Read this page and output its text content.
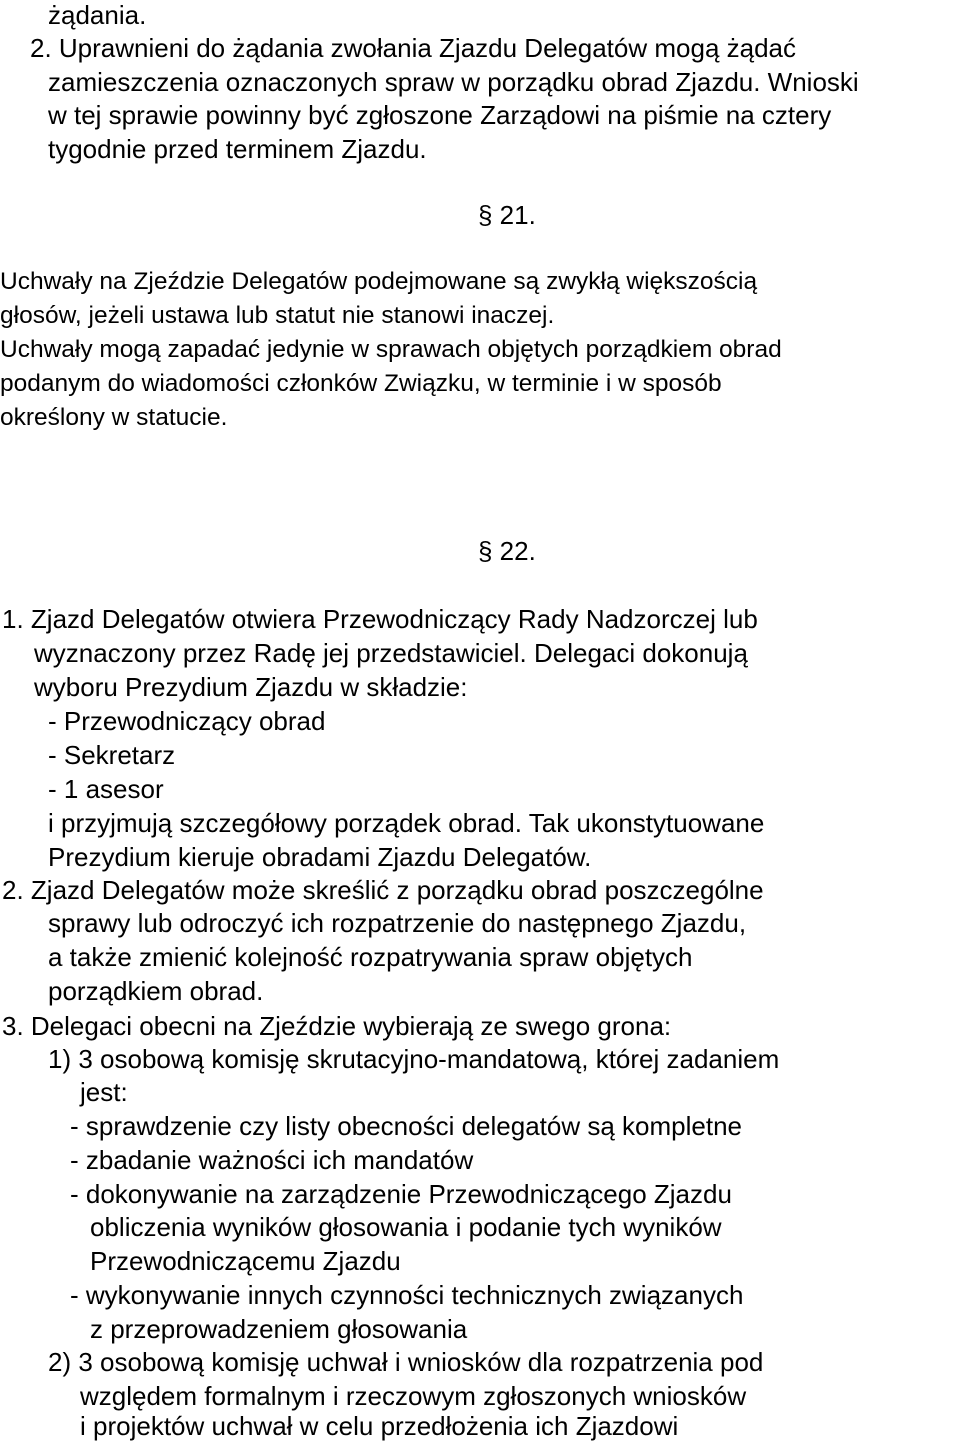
żądania.
2. Uprawnieni do żądania zwołania Zjazdu Delegatów mogą żądać
zamieszczenia oznaczonych spraw w porządku obrad Zjazdu. Wnioski
w tej sprawie powinny być zgłoszone Zarządowi na piśmie na cztery
tygodnie przed terminem Zjazdu.
§ 21.
Uchwały na Zjeździe Delegatów podejmowane są zwykłą większością
głosów, jeżeli ustawa lub statut nie stanowi inaczej.
Uchwały mogą zapadać jedynie w sprawach objętych porządkiem obrad
podanym do wiadomości członków Związku, w terminie i w sposób
określony w statucie.
§ 22.
1. Zjazd Delegatów otwiera Przewodniczący Rady Nadzorczej lub
wyznaczony przez Radę jej przedstawiciel. Delegaci dokonują
wyboru Prezydium Zjazdu w składzie:
- Przewodniczący obrad
- Sekretarz
- 1 asesor
i przyjmują szczegółowy porządek obrad. Tak ukonstytuowane
Prezydium kieruje obradami Zjazdu Delegatów.
2. Zjazd Delegatów może skreślić z porządku obrad poszczególne
sprawy lub odroczyć ich rozpatrzenie do następnego Zjazdu,
a także zmienić kolejność rozpatrywania spraw objętych
porządkiem obrad.
3. Delegaci obecni na Zjeździe wybierają ze swego grona:
1) 3 osobową komisję skrutacyjno-mandatową, której zadaniem
jest:
- sprawdzenie czy listy obecności delegatów są kompletne
- zbadanie ważności ich mandatów
- dokonywanie na zarządzenie Przewodniczącego Zjazdu
obliczenia wyników głosowania i podanie tych wyników
Przewodniczącemu Zjazdu
- wykonywanie innych czynności technicznych związanych
z przeprowadzeniem głosowania
2) 3 osobową komisję uchwał i wniosków dla rozpatrzenia pod
względem formalnym i rzeczowym zgłoszonych wniosków
i projektów uchwał w celu przedłożenia ich Zjazdowi
